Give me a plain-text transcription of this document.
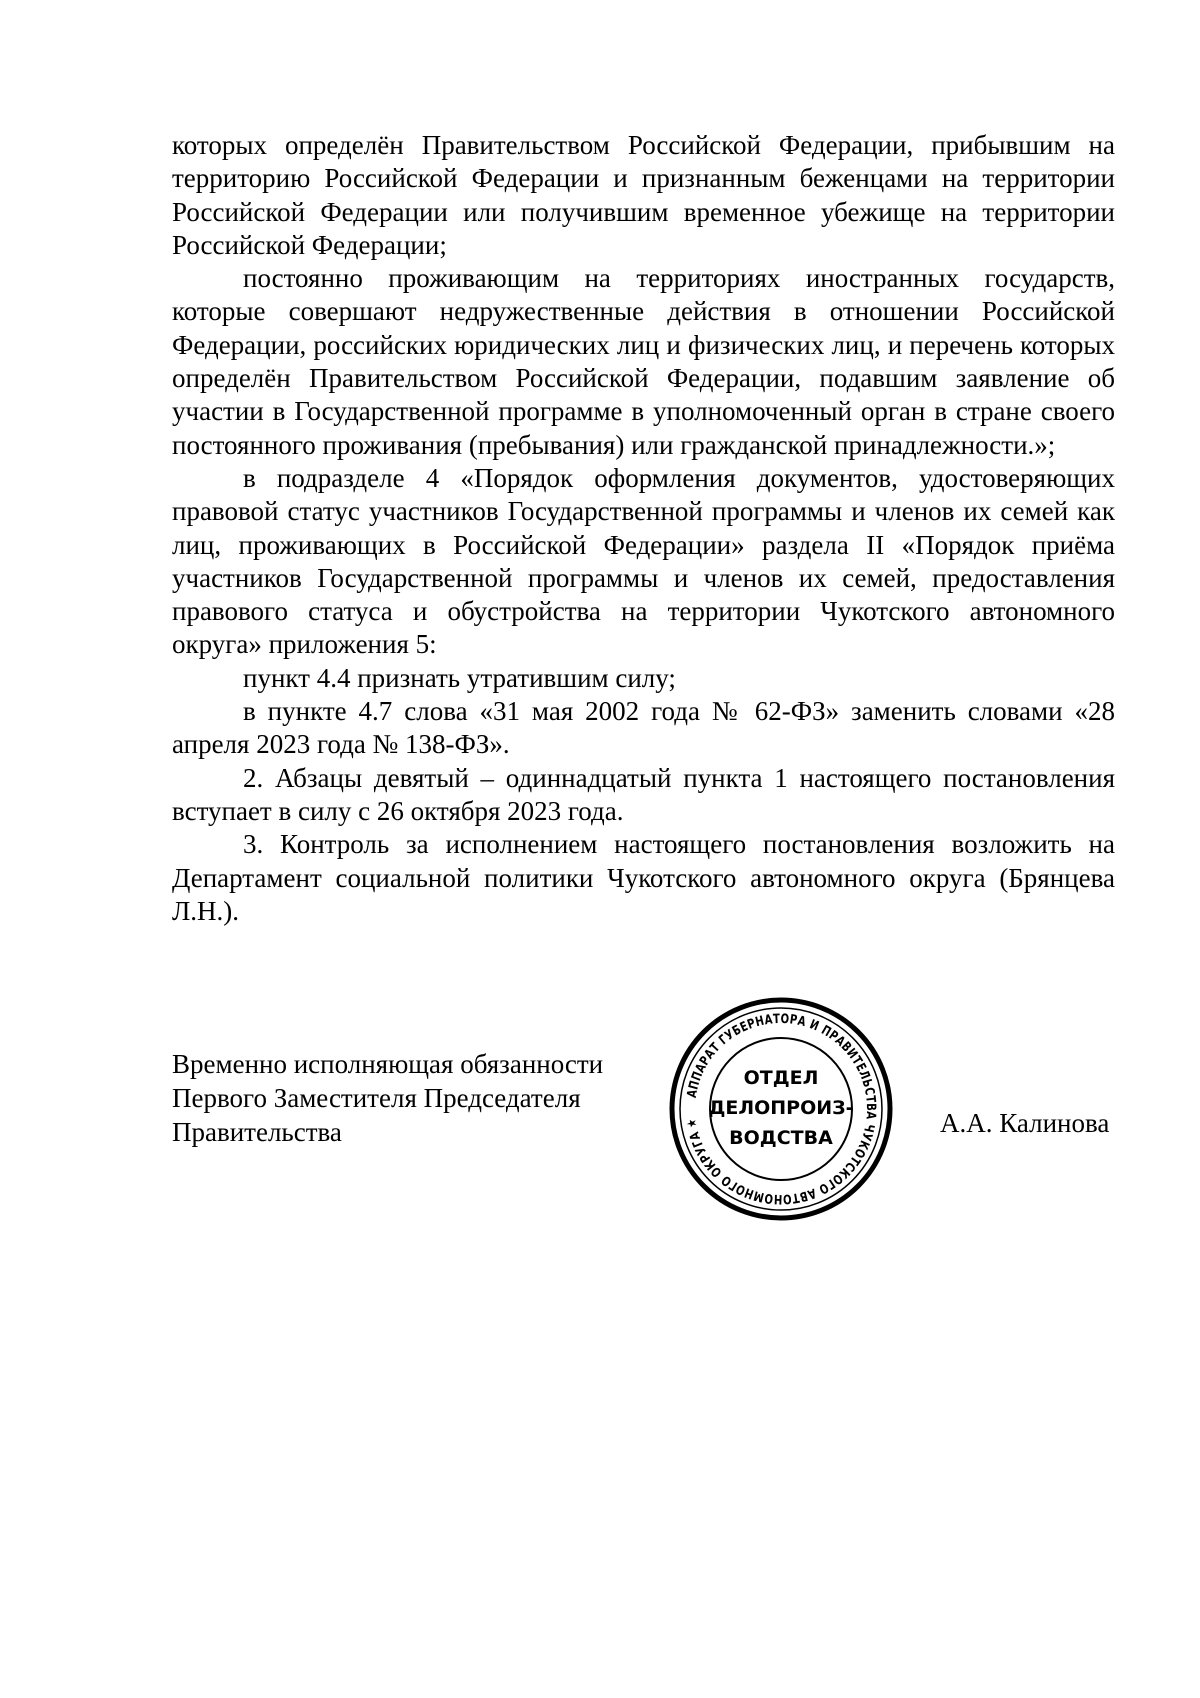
которых определён Правительством Российской Федерации, прибывшим на территорию Российской Федерации и признанным беженцами на территории Российской Федерации или получившим временное убежище на территории Российской Федерации;

постоянно проживающим на территориях иностранных государств, которые совершают недружественные действия в отношении Российской Федерации, российских юридических лиц и физических лиц, и перечень которых определён Правительством Российской Федерации, подавшим заявление об участии в Государственной программе в уполномоченный орган в стране своего постоянного проживания (пребывания) или гражданской принадлежности.»;

в подразделе 4 «Порядок оформления документов, удостоверяющих правовой статус участников Государственной программы и членов их семей как лиц, проживающих в Российской Федерации» раздела II «Порядок приёма участников Государственной программы и членов их семей, предоставления правового статуса и обустройства на территории Чукотского автономного округа» приложения 5:

пункт 4.4 признать утратившим силу;

в пункте 4.7 слова «31 мая 2002 года № 62-ФЗ» заменить словами «28 апреля 2023 года № 138-ФЗ».

2. Абзацы девятый – одиннадцатый пункта 1 настоящего постановления вступает в силу с 26 октября 2023 года.

3. Контроль за исполнением настоящего постановления возложить на Департамент социальной политики Чукотского автономного округа (Брянцева Л.Н.).

Временно исполняющая обязанности
Первого Заместителя Председателя
Правительства	А.А. Калинова
АППАРАТ ГУБЕРНАТОРА И ПРАВИТЕЛЬСТВА ЧУКОТСКОГО АВТОНОМНОГО ОКРУГА ★
ОТДЕЛ
ДЕЛОПРОИЗ-
ВОДСТВА
